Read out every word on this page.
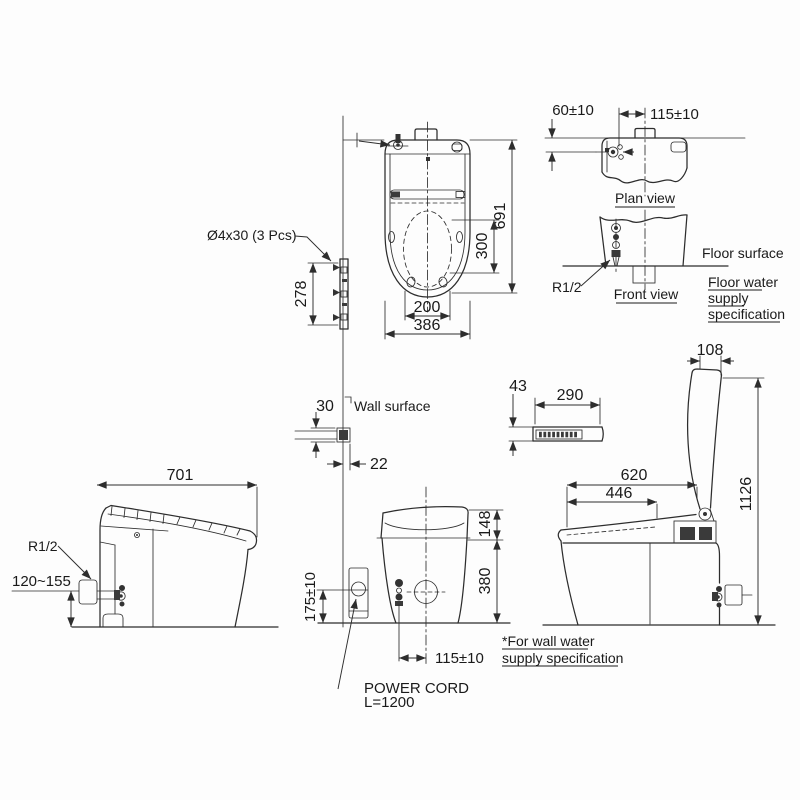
691
300
200
386
278
Ø4x30 (3 Pcs)
60±10	115±10
Plan view
R1/2 Front view
Floor surface
Floor water
supply
specification
30 Wall surface
22
43
290
701
R1/2
120~155
POWER CORD
L=1200
175±10
148
380
115±10
620
446
108
1126
*For wall water
supply specification
